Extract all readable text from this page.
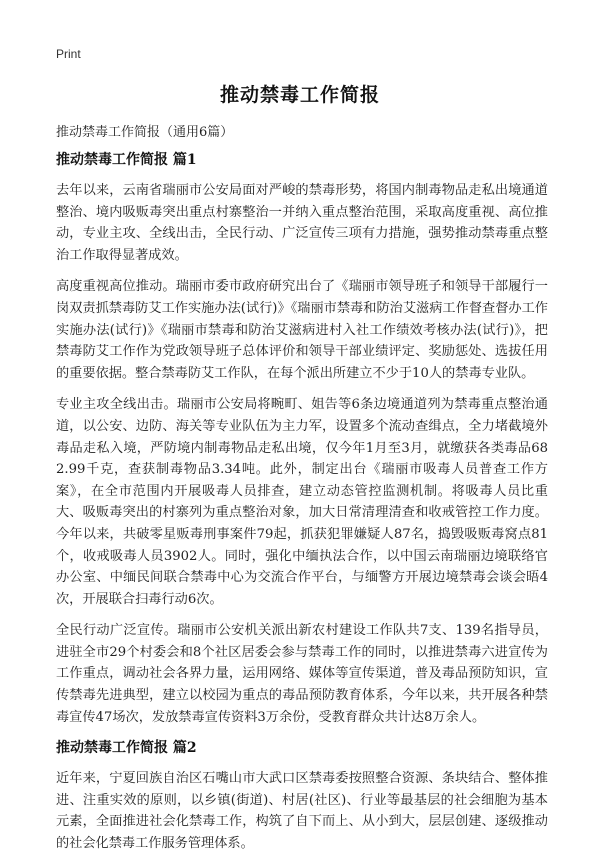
Print
推动禁毒工作简报

推动禁毒工作简报（通用6篇）

推动禁毒工作简报 篇1

去年以来，云南省瑞丽市公安局面对严峻的禁毒形势，将国内制毒物品走私出境通道整治、境内吸贩毒突出重点村寨整治一并纳入重点整治范围，采取高度重视、高位推动，专业主攻、全线出击，全民行动、广泛宣传三项有力措施，强势推动禁毒重点整治工作取得显著成效。

高度重视高位推动。瑞丽市委市政府研究出台了《瑞丽市领导班子和领导干部履行一岗双责抓禁毒防艾工作实施办法(试行)》《瑞丽市禁毒和防治艾滋病工作督查督办工作实施办法(试行)》《瑞丽市禁毒和防治艾滋病进村入社工作绩效考核办法(试行)》，把禁毒防艾工作作为党政领导班子总体评价和领导干部业绩评定、奖励惩处、选拔任用的重要依据。整合禁毒防艾工作队，在每个派出所建立不少于10人的禁毒专业队。

专业主攻全线出击。瑞丽市公安局将畹町、姐告等6条边境通道列为禁毒重点整治通道，以公安、边防、海关等专业队伍为主力军，设置多个流动查缉点，全力堵截境外毒品走私入境，严防境内制毒物品走私出境，仅今年1月至3月，就缴获各类毒品682.99千克，查获制毒物品3.34吨。此外，制定出台《瑞丽市吸毒人员普查工作方案》，在全市范围内开展吸毒人员排查，建立动态管控监测机制。将吸毒人员比重大、吸贩毒突出的村寨列为重点整治对象，加大日常清理清查和收戒管控工作力度。今年以来，共破零星贩毒刑事案件79起，抓获犯罪嫌疑人87名，捣毁吸贩毒窝点81个，收戒吸毒人员3902人。同时，强化中缅执法合作，以中国云南瑞丽边境联络官办公室、中缅民间联合禁毒中心为交流合作平台，与缅警方开展边境禁毒会谈会晤4次，开展联合扫毒行动6次。

全民行动广泛宣传。瑞丽市公安机关派出新农村建设工作队共7支、139名指导员，进驻全市29个村委会和8个社区居委会参与禁毒工作的同时，以推进禁毒六进宣传为工作重点，调动社会各界力量，运用网络、媒体等宣传渠道，普及毒品预防知识，宣传禁毒先进典型，建立以校园为重点的毒品预防教育体系，今年以来，共开展各种禁毒宣传47场次，发放禁毒宣传资料3万余份，受教育群众共计达8万余人。

推动禁毒工作简报 篇2

近年来，宁夏回族自治区石嘴山市大武口区禁毒委按照整合资源、条块结合、整体推进、注重实效的原则，以乡镇(街道)、村居(社区)、行业等最基层的社会细胞为基本元素，全面推进社会化禁毒工作，构筑了自下而上、从小到大，层层创建、逐级推动的社会化禁毒工作服务管理体系。
